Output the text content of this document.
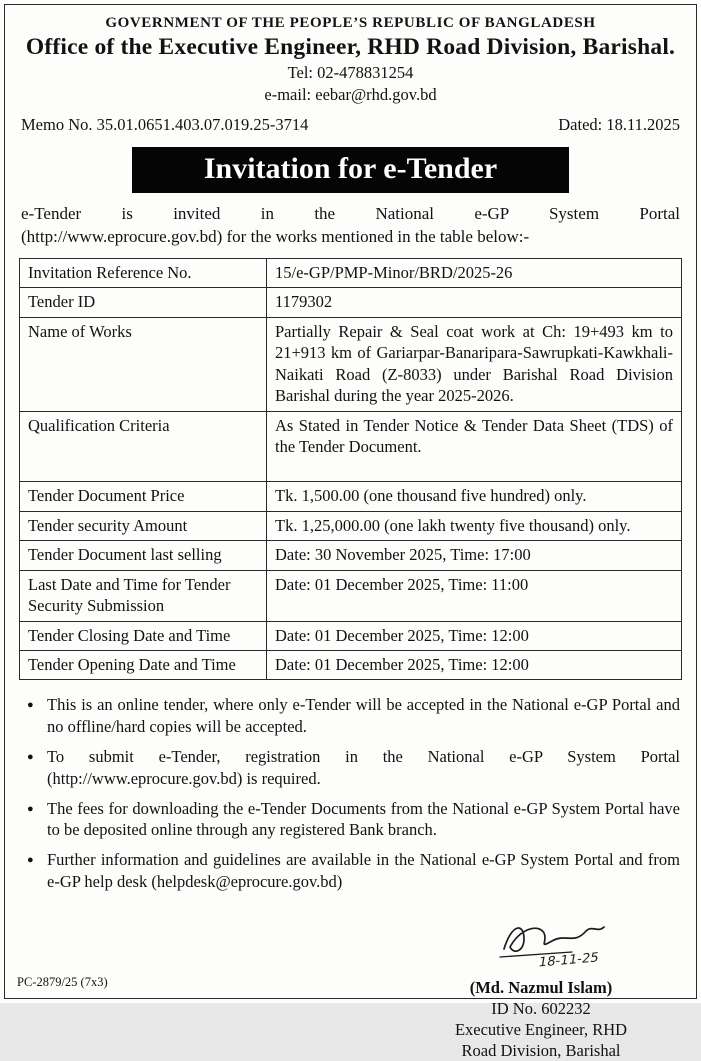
GOVERNMENT OF THE PEOPLE’S REPUBLIC OF BANGLADESH
Office of the Executive Engineer, RHD Road Division, Barishal.
Tel: 02-478831254
e-mail: eebar@rhd.gov.bd
Memo No. 35.01.0651.403.07.019.25-3714	Dated: 18.11.2025
Invitation for e-Tender
e-Tender is invited in the National e-GP System Portal
(http://www.eprocure.gov.bd) for the works mentioned in the table below:-
Invitation Reference No.	15/e-GP/PMP-Minor/BRD/2025-26
Tender ID	1179302
Name of Works	Partially Repair & Seal coat work at Ch: 19+493 km to 21+913 km of Gariarpar-Banaripara-Sawrupkati-Kawkhali-Naikati Road (Z-8033) under Barishal Road Division Barishal during the year 2025-2026.
Qualification Criteria	As Stated in Tender Notice & Tender Data Sheet (TDS) of the Tender Document.
Tender Document Price	Tk. 1,500.00 (one thousand five hundred) only.
Tender security Amount	Tk. 1,25,000.00 (one lakh twenty five thousand) only.
Tender Document last selling	Date: 30 November 2025, Time: 17:00
Last Date and Time for Tender Security Submission	Date: 01 December 2025, Time: 11:00
Tender Closing Date and Time	Date: 01 December 2025, Time: 12:00
Tender Opening Date and Time	Date: 01 December 2025, Time: 12:00
●
This is an online tender, where only e-Tender will be accepted in the National e-GP Portal and no offline/hard copies will be accepted.
●
To submit e-Tender, registration in the National e-GP System Portal (http://www.eprocure.gov.bd) is required.
●
The fees for downloading the e-Tender Documents from the National e-GP System Portal have to be deposited online through any registered Bank branch.
●
Further information and guidelines are available in the National e-GP System Portal and from e-GP help desk (helpdesk@eprocure.gov.bd)
18-11-25
(Md. Nazmul Islam)
ID No. 602232
Executive Engineer, RHD
Road Division, Barishal
PC-2879/25 (7x3)
